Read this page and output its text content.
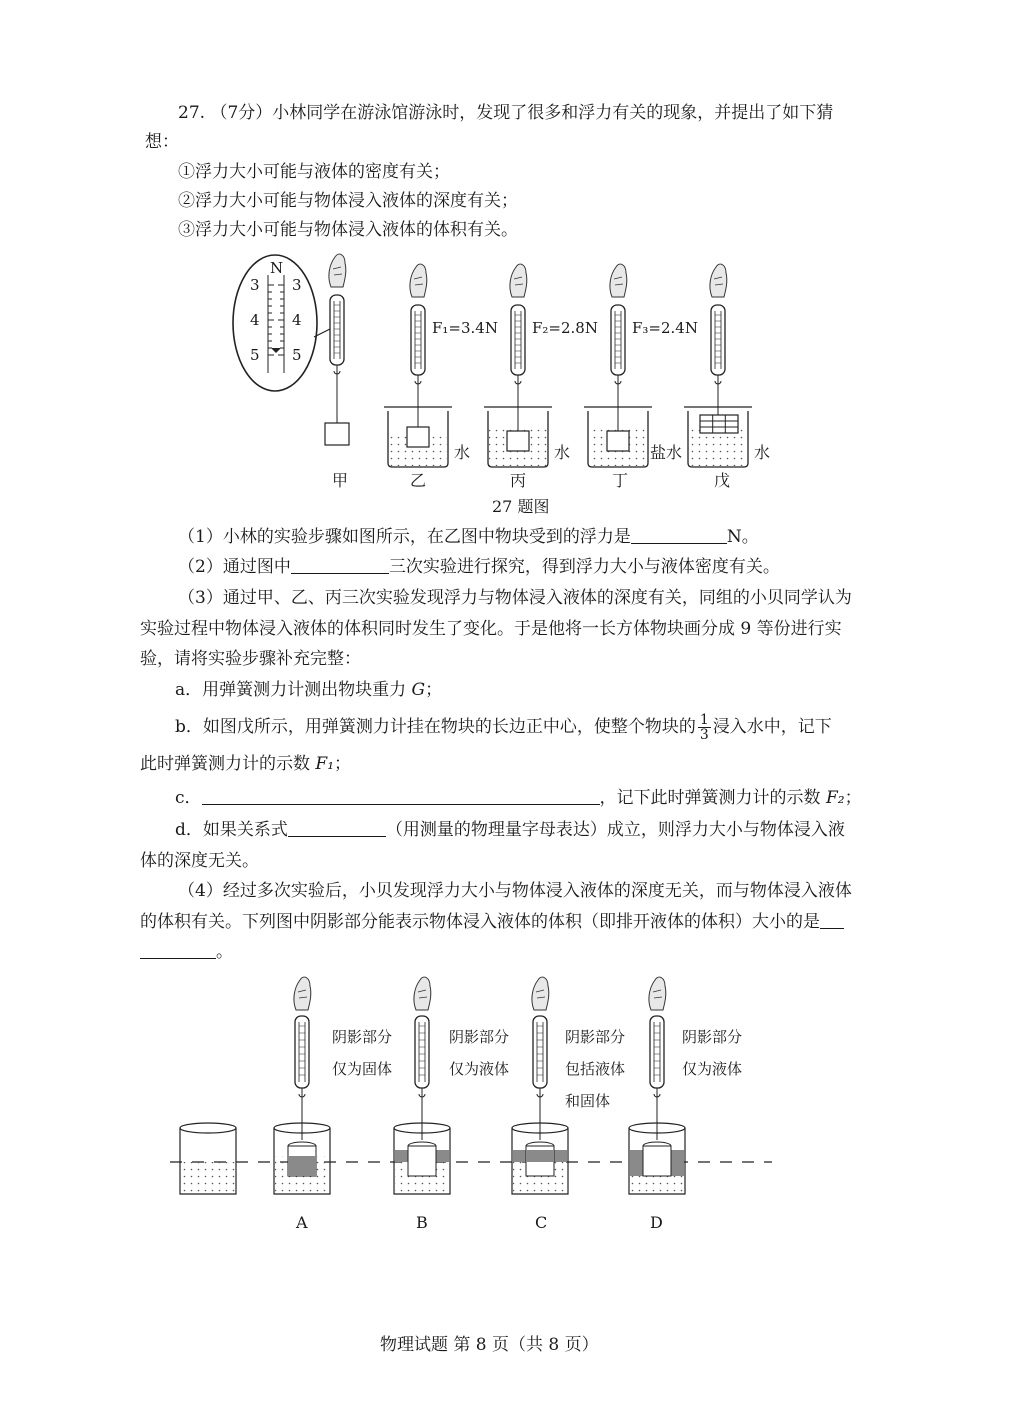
27. （7分）小林同学在游泳馆游泳时，发现了很多和浮力有关的现象，并提出了如下猜
想：
①浮力大小可能与液体的密度有关；
②浮力大小可能与物体浸入液体的深度有关；
③浮力大小可能与物体浸入液体的体积有关。
N
3
4
5
3
4
5
F₁=3.4N F₂=2.8N F₃=2.4N
水	水	盐水	水
甲	乙	丙	丁	戊
27 题图
（1）小林的实验步骤如图所示，在乙图中物块受到的浮力是	N。
（2）通过图中	三次实验进行探究，得到浮力大小与液体密度有关。
（3）通过甲、乙、丙三次实验发现浮力与物体浸入液体的深度有关，同组的小贝同学认为
实验过程中物体浸入液体的体积同时发生了变化。于是他将一长方体物块画分成 9 等份进行实
验，请将实验步骤补充完整：
a．用弹簧测力计测出物块重力 G；
b．如图戊所示，用弹簧测力计挂在物块的长边正中心，使整个物块的 $\frac{1}{3}$ 浸入水中，记下
此时弹簧测力计的示数 F₁；
c．	，记下此时弹簧测力计的示数 F₂；
d．如果关系式	（用测量的物理量字母表达）成立，则浮力大小与物体浸入液
体的深度无关。
（4）经过多次实验后，小贝发现浮力大小与物体浸入液体的深度无关，而与物体浸入液体
的体积有关。下列图中阴影部分能表示物体浸入液体的体积（即排开液体的体积）大小的是
。
阴影部分
仅为固体
阴影部分
仅为液体
阴影部分
包括液体
和固体
阴影部分
仅为液体
A	B	C	D
物理试题 第 8 页（共 8 页）
